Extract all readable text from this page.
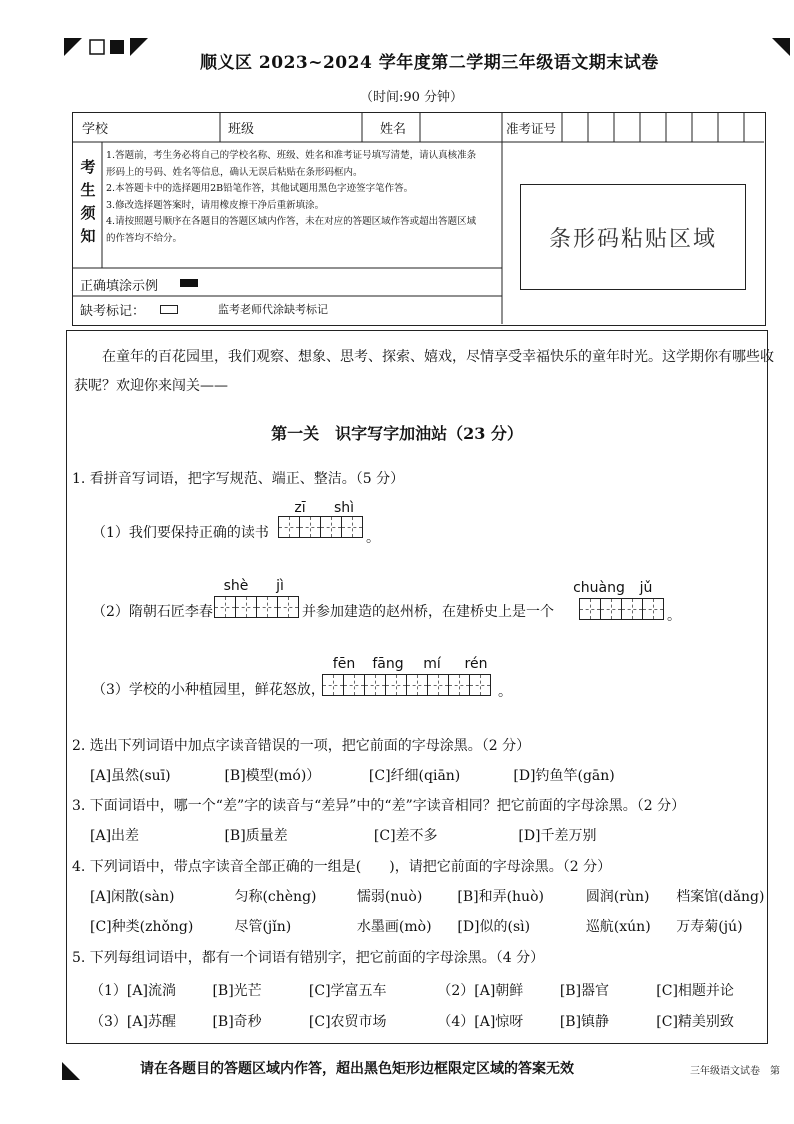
顺义区 2023~2024 学年度第二学期三年级语文期末试卷
（时间:90 分钟）
学校	班级	姓名	准考证号
考
生
须
知
1.答题前，考生务必将自己的学校名称、班级、姓名和准考证号填写清楚，请认真核准条
形码上的号码、姓名等信息，确认无误后粘贴在条形码框内。
2.本答题卡中的选择题用2B铅笔作答，其他试题用黑色字迹签字笔作答。
3.修改选择题答案时，请用橡皮擦干净后重新填涂。
4.请按照题号顺序在各题目的答题区域内作答，未在对应的答题区域作答或超出答题区域
的作答均不给分。	条形码粘贴区域
正确填涂示例
缺考标记：	监考老师代涂缺考标记
在童年的百花园里，我们观察、想象、思考、探索、嬉戏，尽情享受幸福快乐的童年时光。这学期你有哪些收获呢？欢迎你来闯关——
第一关　识字写字加油站（23 分）
1. 看拼音写词语，把字写规范、端正、整洁。（5 分）
（1）我们要保持正确的读书
zī	shì
。
（2）隋朝石匠李春
shè	jì
并参加建造的赵州桥，在建桥史上是一个
chuàng	jǔ
。
（3）学校的小种植园里，鲜花怒放，
fēn	fāng	mí	rén
。
2. 选出下列词语中加点字读音错误的一项，把它前面的字母涂黑。（2 分）
[A]虽然(suī)	[B]模型(mó)）	[C]纤细(qiān)	[D]钓鱼竿(gān)
3. 下面词语中，哪一个“差”字的读音与“差异”中的“差”字读音相同？把它前面的字母涂黑。（2 分）
[A]出差	[B]质量差	[C]差不多	[D]千差万别
4. 下列词语中，带点字读音全部正确的一组是(　　)，请把它前面的字母涂黑。（2 分）
[A]闲散(sàn)	匀称(chèng)	懦弱(nuò)	[B]和弄(huò)	圆润(rùn) 档案馆(dǎng)
[C]种类(zhǒng)	尽管(jǐn)	水墨画(mò) [D]似的(sì)	巡航(xún) 万寿菊(jú)
5. 下列每组词语中，都有一个词语有错别字，把它前面的字母涂黑。（4 分）
（1）[A]流淌	[B]光芒	[C]学富五车	（2）[A]朝鲜	[B]器官	[C]相题并论
（3）[A]苏醒	[B]奇秒	[C]农贸市场	（4）[A]惊呀	[B]镇静	[C]精美别致
请在各题目的答题区域内作答，超出黑色矩形边框限定区域的答案无效	三年级语文试卷　第
